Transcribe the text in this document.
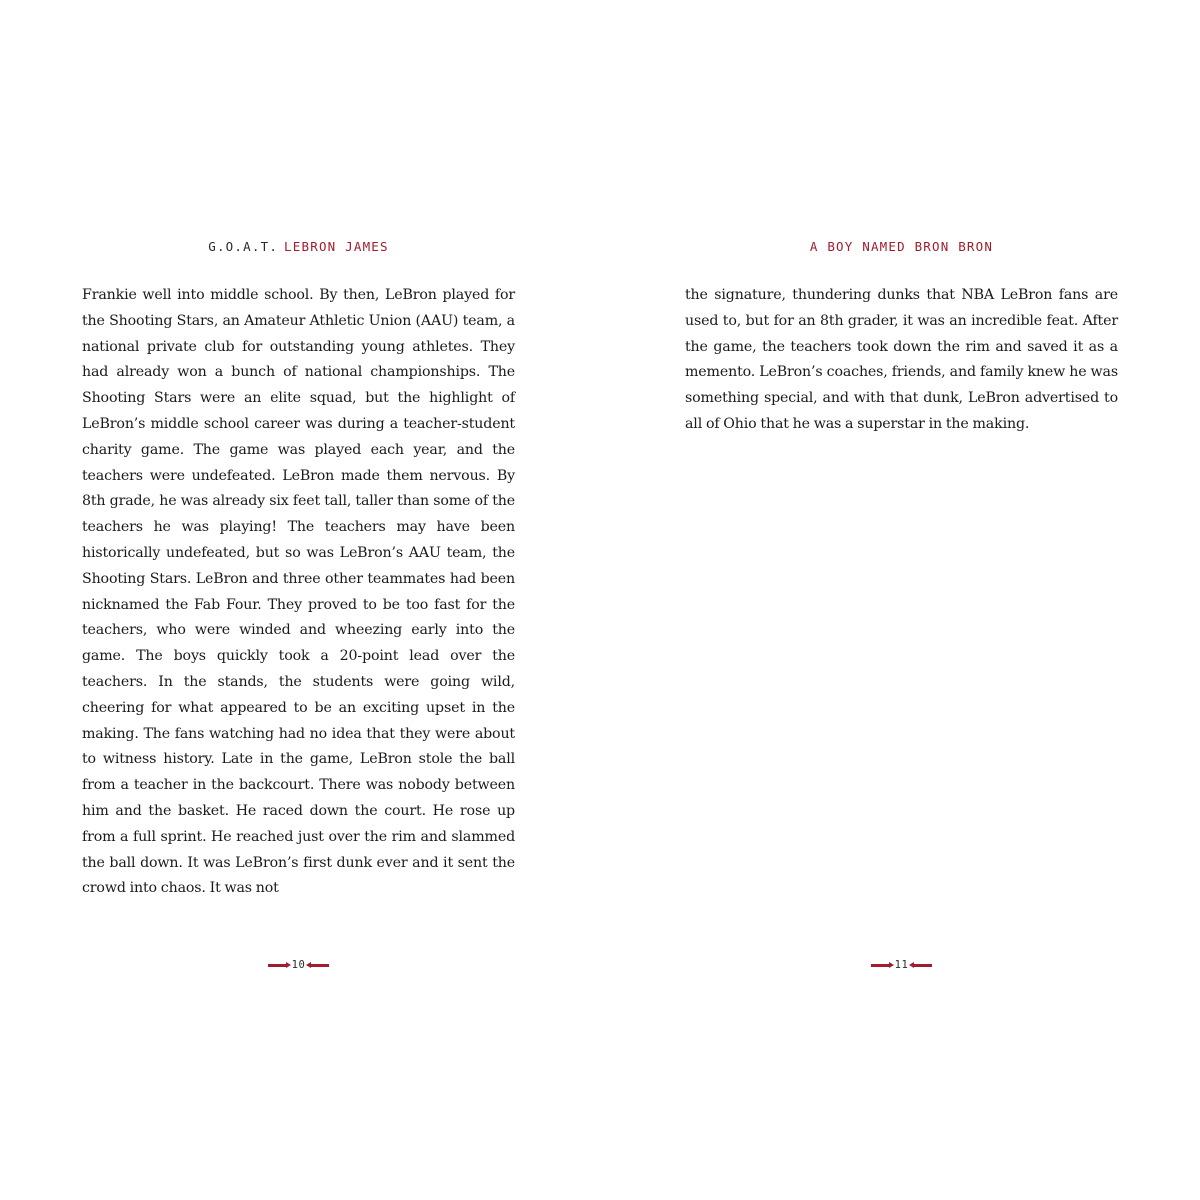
G.O.A.T. LEBRON JAMES

Frankie well into middle school. By then, LeBron played for the Shooting Stars, an Amateur Athletic Union (AAU) team, a national private club for outstanding young athletes. They had already won a bunch of national championships. The Shooting Stars were an elite squad, but the highlight of LeBron’s middle school career was during a teacher-student charity game. The game was played each year, and the teachers were undefeated. LeBron made them nervous. By 8th grade, he was already six feet tall, taller than some of the teachers he was playing! The teachers may have been historically undefeated, but so was LeBron’s AAU team, the Shooting Stars. LeBron and three other teammates had been nicknamed the Fab Four. They proved to be too fast for the teachers, who were winded and wheezing early into the game. The boys quickly took a 20-point lead over the teachers. In the stands, the students were going wild, cheering for what appeared to be an exciting upset in the making. The fans watching had no idea that they were about to witness history. Late in the game, LeBron stole the ball from a teacher in the backcourt. There was nobody between him and the basket. He raced down the court. He rose up from a full sprint. He reached just over the rim and slammed the ball down. It was LeBron’s first dunk ever and it sent the crowd into chaos. It was not

10
A BOY NAMED BRON BRON

the signature, thundering dunks that NBA LeBron fans are used to, but for an 8th grader, it was an incredible feat. After the game, the teachers took down the rim and saved it as a memento. LeBron’s coaches, friends, and family knew he was something special, and with that dunk, LeBron advertised to all of Ohio that he was a superstar in the making.

11
